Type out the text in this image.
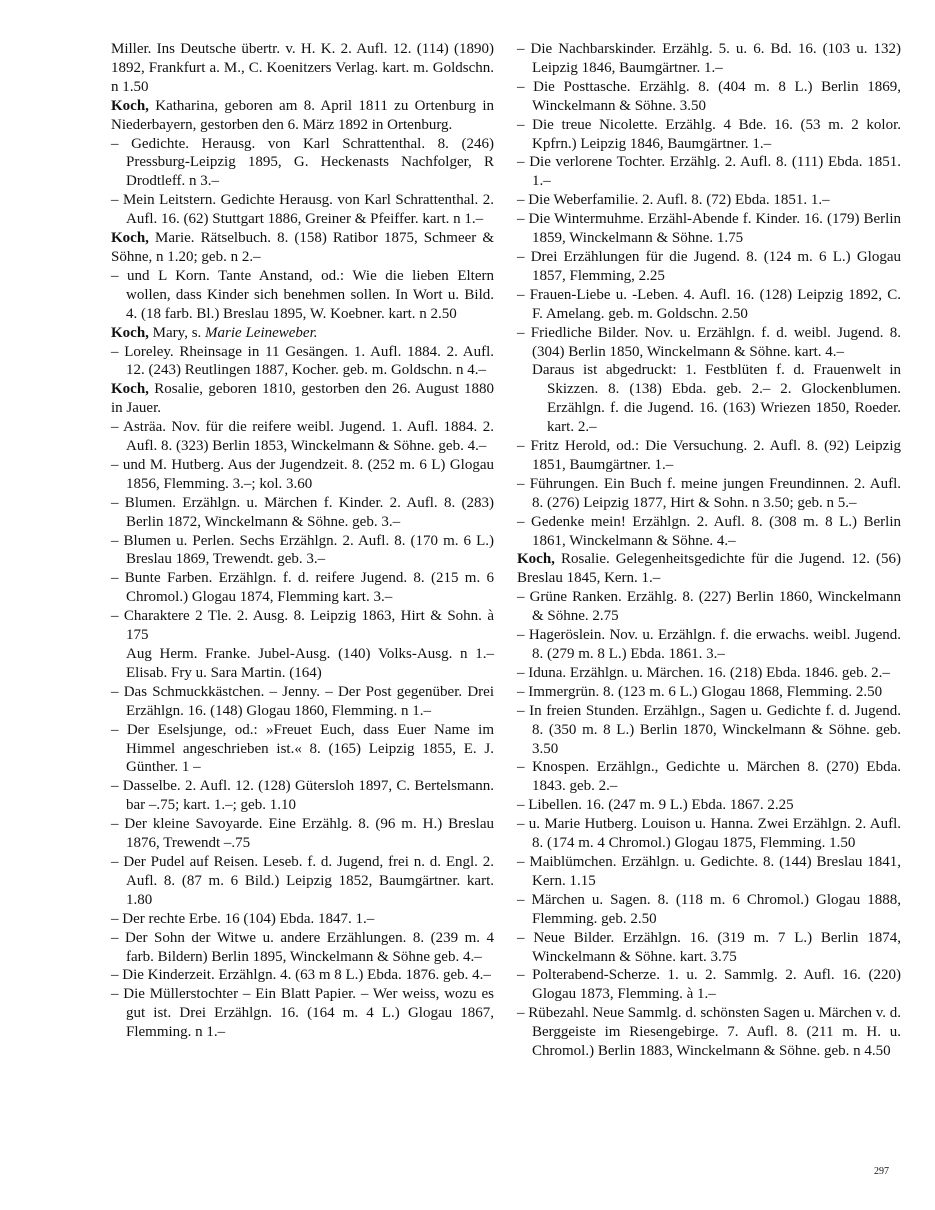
Miller. Ins Deutsche übertr. v. H. K. 2. Aufl. 12. (114) (1890) 1892, Frankfurt a. M., C. Koenitzers Verlag. kart. m. Goldschn. n 1.50

Koch, Katharina, geboren am 8. April 1811 zu Ortenburg in Niederbayern, gestorben den 6. März 1892 in Ortenburg.

– Gedichte. Herausg. von Karl Schrattenthal. 8. (246) Pressburg-Leipzig 1895, G. Heckenasts Nachfolger, R Drodtleff. n 3.–

– Mein Leitstern. Gedichte Herausg. von Karl Schrattenthal. 2. Aufl. 16. (62) Stuttgart 1886, Greiner & Pfeiffer. kart. n 1.–

Koch, Marie. Rätselbuch. 8. (158) Ratibor 1875, Schmeer & Söhne, n 1.20; geb. n 2.–

– und L Korn. Tante Anstand, od.: Wie die lieben Eltern wollen, dass Kinder sich benehmen sollen. In Wort u. Bild. 4. (18 farb. Bl.) Breslau 1895, W. Koebner. kart. n 2.50

Koch, Mary, s. Marie Leineweber.

– Loreley. Rheinsage in 11 Gesängen. 1. Aufl. 1884. 2. Aufl. 12. (243) Reutlingen 1887, Kocher. geb. m. Goldschn. n 4.–

Koch, Rosalie, geboren 1810, gestorben den 26. August 1880 in Jauer.

– Asträa. Nov. für die reifere weibl. Jugend. 1. Aufl. 1884. 2. Aufl. 8. (323) Berlin 1853, Winckelmann & Söhne. geb. 4.–

– und M. Hutberg. Aus der Jugendzeit. 8. (252 m. 6 L) Glogau 1856, Flemming. 3.–; kol. 3.60

– Blumen. Erzählgn. u. Märchen f. Kinder. 2. Aufl. 8. (283) Berlin 1872, Winckelmann & Söhne. geb. 3.–

– Blumen u. Perlen. Sechs Erzählgn. 2. Aufl. 8. (170 m. 6 L.) Breslau 1869, Trewendt. geb. 3.–

– Bunte Farben. Erzählgn. f. d. reifere Jugend. 8. (215 m. 6 Chromol.) Glogau 1874, Flemming kart. 3.–

– Charaktere 2 Tle. 2. Ausg. 8. Leipzig 1863, Hirt & Sohn. à 175

Aug Herm. Franke. Jubel-Ausg. (140) Volks-Ausg. n 1.– Elisab. Fry u. Sara Martin. (164)

– Das Schmuckkästchen. – Jenny. – Der Post gegenüber. Drei Erzählgn. 16. (148) Glogau 1860, Flemming. n 1.–

– Der Eselsjunge, od.: »Freuet Euch, dass Euer Name im Himmel angeschrieben ist.« 8. (165) Leipzig 1855, E. J. Günther. 1 –

– Dasselbe. 2. Aufl. 12. (128) Gütersloh 1897, C. Bertelsmann. bar –.75; kart. 1.–; geb. 1.10

– Der kleine Savoyarde. Eine Erzählg. 8. (96 m. H.) Breslau 1876, Trewendt –.75

– Der Pudel auf Reisen. Leseb. f. d. Jugend, frei n. d. Engl. 2. Aufl. 8. (87 m. 6 Bild.) Leipzig 1852, Baumgärtner. kart. 1.80

– Der rechte Erbe. 16 (104) Ebda. 1847. 1.–

– Der Sohn der Witwe u. andere Erzählungen. 8. (239 m. 4 farb. Bildern) Berlin 1895, Winckelmann & Söhne geb. 4.–

– Die Kinderzeit. Erzählgn. 4. (63 m 8 L.) Ebda. 1876. geb. 4.–

– Die Müllerstochter – Ein Blatt Papier. – Wer weiss, wozu es gut ist. Drei Erzählgn. 16. (164 m. 4 L.) Glogau 1867, Flemming. n 1.–

– Die Nachbarskinder. Erzählg. 5. u. 6. Bd. 16. (103 u. 132) Leipzig 1846, Baumgärtner. 1.–

– Die Posttasche. Erzählg. 8. (404 m. 8 L.) Berlin 1869, Winckelmann & Söhne. 3.50

– Die treue Nicolette. Erzählg. 4 Bde. 16. (53 m. 2 kolor. Kpfrn.) Leipzig 1846, Baumgärtner. 1.–

– Die verlorene Tochter. Erzählg. 2. Aufl. 8. (111) Ebda. 1851. 1.–

– Die Weberfamilie. 2. Aufl. 8. (72) Ebda. 1851. 1.–

– Die Wintermuhme. Erzähl-Abende f. Kinder. 16. (179) Berlin 1859, Winckelmann & Söhne. 1.75

– Drei Erzählungen für die Jugend. 8. (124 m. 6 L.) Glogau 1857, Flemming, 2.25

– Frauen-Liebe u. -Leben. 4. Aufl. 16. (128) Leipzig 1892, C. F. Amelang. geb. m. Goldschn. 2.50

– Friedliche Bilder. Nov. u. Erzählgn. f. d. weibl. Jugend. 8. (304) Berlin 1850, Winckelmann & Söhne. kart. 4.–

Daraus ist abgedruckt: 1. Festblüten f. d. Frauenwelt in Skizzen. 8. (138) Ebda. geb. 2.– 2. Glockenblumen. Erzählgn. f. die Jugend. 16. (163) Wriezen 1850, Roeder. kart. 2.–

– Fritz Herold, od.: Die Versuchung. 2. Aufl. 8. (92) Leipzig 1851, Baumgärtner. 1.–

– Führungen. Ein Buch f. meine jungen Freundinnen. 2. Aufl. 8. (276) Leipzig 1877, Hirt & Sohn. n 3.50; geb. n 5.–

– Gedenke mein! Erzählgn. 2. Aufl. 8. (308 m. 8 L.) Berlin 1861, Winckelmann & Söhne. 4.–

Koch, Rosalie. Gelegenheitsgedichte für die Jugend. 12. (56) Breslau 1845, Kern. 1.–

– Grüne Ranken. Erzählg. 8. (227) Berlin 1860, Winckelmann & Söhne. 2.75

– Hageröslein. Nov. u. Erzählgn. f. die erwachs. weibl. Jugend. 8. (279 m. 8 L.) Ebda. 1861. 3.–

– Iduna. Erzählgn. u. Märchen. 16. (218) Ebda. 1846. geb. 2.–

– Immergrün. 8. (123 m. 6 L.) Glogau 1868, Flemming. 2.50

– In freien Stunden. Erzählgn., Sagen u. Gedichte f. d. Jugend. 8. (350 m. 8 L.) Berlin 1870, Winckelmann & Söhne. geb. 3.50

– Knospen. Erzählgn., Gedichte u. Märchen 8. (270) Ebda. 1843. geb. 2.–

– Libellen. 16. (247 m. 9 L.) Ebda. 1867. 2.25

– u. Marie Hutberg. Louison u. Hanna. Zwei Erzählgn. 2. Aufl. 8. (174 m. 4 Chromol.) Glogau 1875, Flemming. 1.50

– Maiblümchen. Erzählgn. u. Gedichte. 8. (144) Breslau 1841, Kern. 1.15

– Märchen u. Sagen. 8. (118 m. 6 Chromol.) Glogau 1888, Flemming. geb. 2.50

– Neue Bilder. Erzählgn. 16. (319 m. 7 L.) Berlin 1874, Winckelmann & Söhne. kart. 3.75

– Polterabend-Scherze. 1. u. 2. Sammlg. 2. Aufl. 16. (220) Glogau 1873, Flemming. à 1.–

– Rübezahl. Neue Sammlg. d. schönsten Sagen u. Märchen v. d. Berggeiste im Riesengebirge. 7. Aufl. 8. (211 m. H. u. Chromol.) Berlin 1883, Winckelmann & Söhne. geb. n 4.50

297
